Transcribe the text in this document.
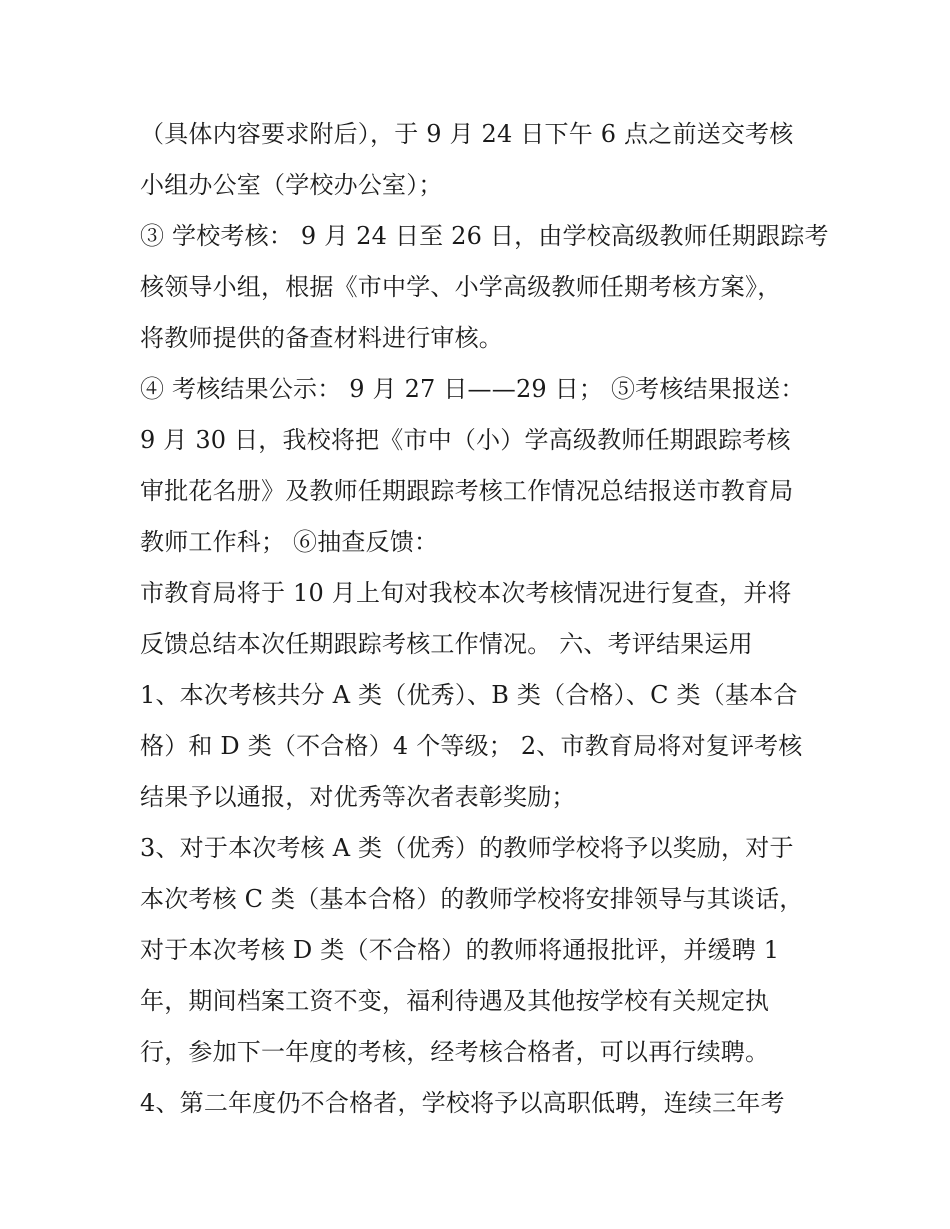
（具体内容要求附后），于 9 月 24 日下午 6 点之前送交考核
小组办公室（学校办公室）；
③ 学校考核： 9 月 24 日至 26 日，由学校高级教师任期跟踪考
核领导小组，根据《市中学、小学高级教师任期考核方案》，
将教师提供的备查材料进行审核。
④ 考核结果公示： 9 月 27 日——29 日； ⑤考核结果报送：
9 月 30 日，我校将把《市中（小）学高级教师任期跟踪考核
审批花名册》及教师任期跟踪考核工作情况总结报送市教育局
教师工作科； ⑥抽查反馈：
市教育局将于 10 月上旬对我校本次考核情况进行复查，并将
反馈总结本次任期跟踪考核工作情况。 六、考评结果运用
1、本次考核共分 A 类（优秀）、B 类（合格）、C 类（基本合
格）和 D 类（不合格）4 个等级； 2、市教育局将对复评考核
结果予以通报，对优秀等次者表彰奖励；
3、对于本次考核 A 类（优秀）的教师学校将予以奖励，对于
本次考核 C 类（基本合格）的教师学校将安排领导与其谈话，
对于本次考核 D 类（不合格）的教师将通报批评，并缓聘 1
年，期间档案工资不变，福利待遇及其他按学校有关规定执
行，参加下一年度的考核，经考核合格者，可以再行续聘。
4、第二年度仍不合格者，学校将予以高职低聘，连续三年考
